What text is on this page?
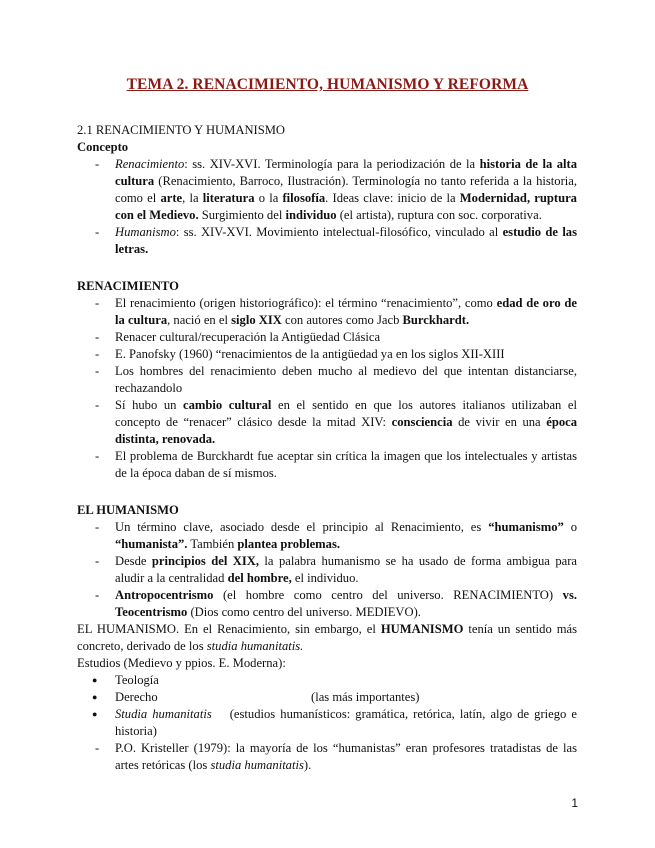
TEMA 2. RENACIMIENTO, HUMANISMO Y REFORMA

2.1 RENACIMIENTO Y HUMANISMO

Concepto

- Renacimiento: ss. XIV-XVI. Terminología para la periodización de la historia de la alta cultura (Renacimiento, Barroco, Ilustración). Terminología no tanto referida a la historia, como el arte, la literatura o la filosofía. Ideas clave: inicio de la Modernidad, ruptura con el Medievo. Surgimiento del individuo (el artista), ruptura con soc. corporativa.
- Humanismo: ss. XIV-XVI. Movimiento intelectual-filosófico, vinculado al estudio de las letras.

RENACIMIENTO

- El renacimiento (origen historiográfico): el término “renacimiento”, como edad de oro de la cultura, nació en el siglo XIX con autores como Jacb Burckhardt.
- Renacer cultural/recuperación la Antigüedad Clásica
- E. Panofsky (1960) “renacimientos de la antigüedad ya en los siglos XII-XIII
- Los hombres del renacimiento deben mucho al medievo del que intentan distanciarse, rechazandolo
- Sí hubo un cambio cultural en el sentido en que los autores italianos utilizaban el concepto de “renacer” clásico desde la mitad XIV: consciencia de vivir en una época distinta, renovada.
- El problema de Burckhardt fue aceptar sin crítica la imagen que los intelectuales y artistas de la época daban de sí mismos.

EL HUMANISMO

- Un término clave, asociado desde el principio al Renacimiento, es “humanismo” o “humanista”. También plantea problemas.
- Desde principios del XIX, la palabra humanismo se ha usado de forma ambigua para aludir a la centralidad del hombre, el individuo.
- Antropocentrismo (el hombre como centro del universo. RENACIMIENTO) vs. Teocentrismo (Dios como centro del universo. MEDIEVO).

EL HUMANISMO. En el Renacimiento, sin embargo, el HUMANISMO tenía un sentido más concreto, derivado de los studia humanitatis.

Estudios (Medievo y ppios. E. Moderna):

● Teología
● Derecho	(las más importantes)
● Studia humanitatis (estudios humanísticos: gramática, retórica, latín, algo de griego e historia)
- P.O. Kristeller (1979): la mayoría de los “humanistas” eran profesores tratadistas de las artes retóricas (los studia humanitatis).
1
